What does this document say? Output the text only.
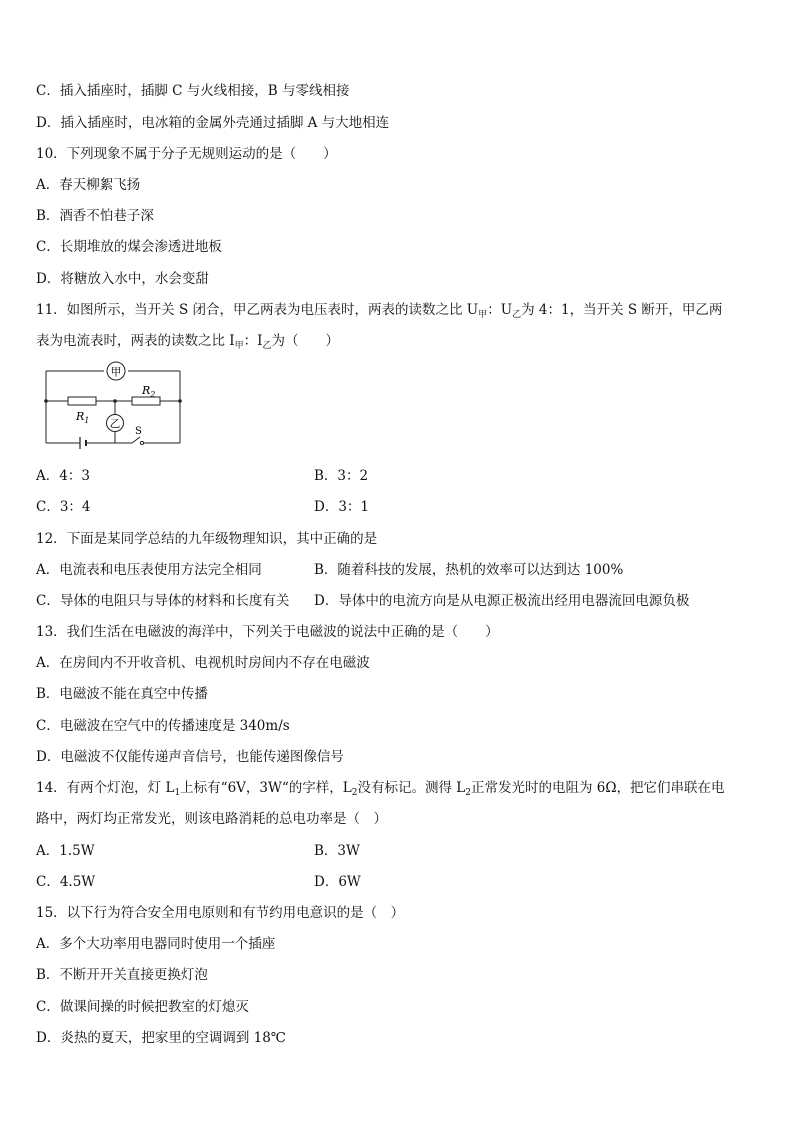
C．插入插座时，插脚 C 与火线相接，B 与零线相接
D．插入插座时，电冰箱的金属外壳通过插脚 A 与大地相连
10．下列现象不属于分子无规则运动的是（　　）
A．春天柳絮飞扬
B．酒香不怕巷子深
C．长期堆放的煤会渗透进地板
D．将糖放入水中，水会变甜
11．如图所示，当开关 S 闭合，甲乙两表为电压表时，两表的读数之比 $U_甲$：$U_乙$为 4：1，当开关 S 断开，甲乙两
表为电流表时，两表的读数之比 $I_甲$：$I_乙$为（　　）
甲
乙
$R_1$
$R_2$
S
A．4：3	B．3：2
C．3：4	D．3：1
12．下面是某同学总结的九年级物理知识，其中正确的是
A．电流表和电压表使用方法完全相同	B．随着科技的发展，热机的效率可以达到达 100%
C．导体的电阻只与导体的材料和长度有关 D．导体中的电流方向是从电源正极流出经用电器流回电源负极
13．我们生活在电磁波的海洋中，下列关于电磁波的说法中正确的是（　　）
A．在房间内不开收音机、电视机时房间内不存在电磁波
B．电磁波不能在真空中传播
C．电磁波在空气中的传播速度是 340m/s
D．电磁波不仅能传递声音信号，也能传递图像信号
14．有两个灯泡，灯 $L_1$上标有“6V，3W“的字样，$L_2$没有标记。测得 $L_2$正常发光时的电阻为 6Ω，把它们串联在电
路中，两灯均正常发光，则该电路消耗的总电功率是（　）
A．1.5W	B．3W
C．4.5W	D．6W
15．以下行为符合安全用电原则和有节约用电意识的是（　）
A．多个大功率用电器同时使用一个插座
B．不断开开关直接更换灯泡
C．做课间操的时候把教室的灯熄灭
D．炎热的夏天，把家里的空调调到 18℃
